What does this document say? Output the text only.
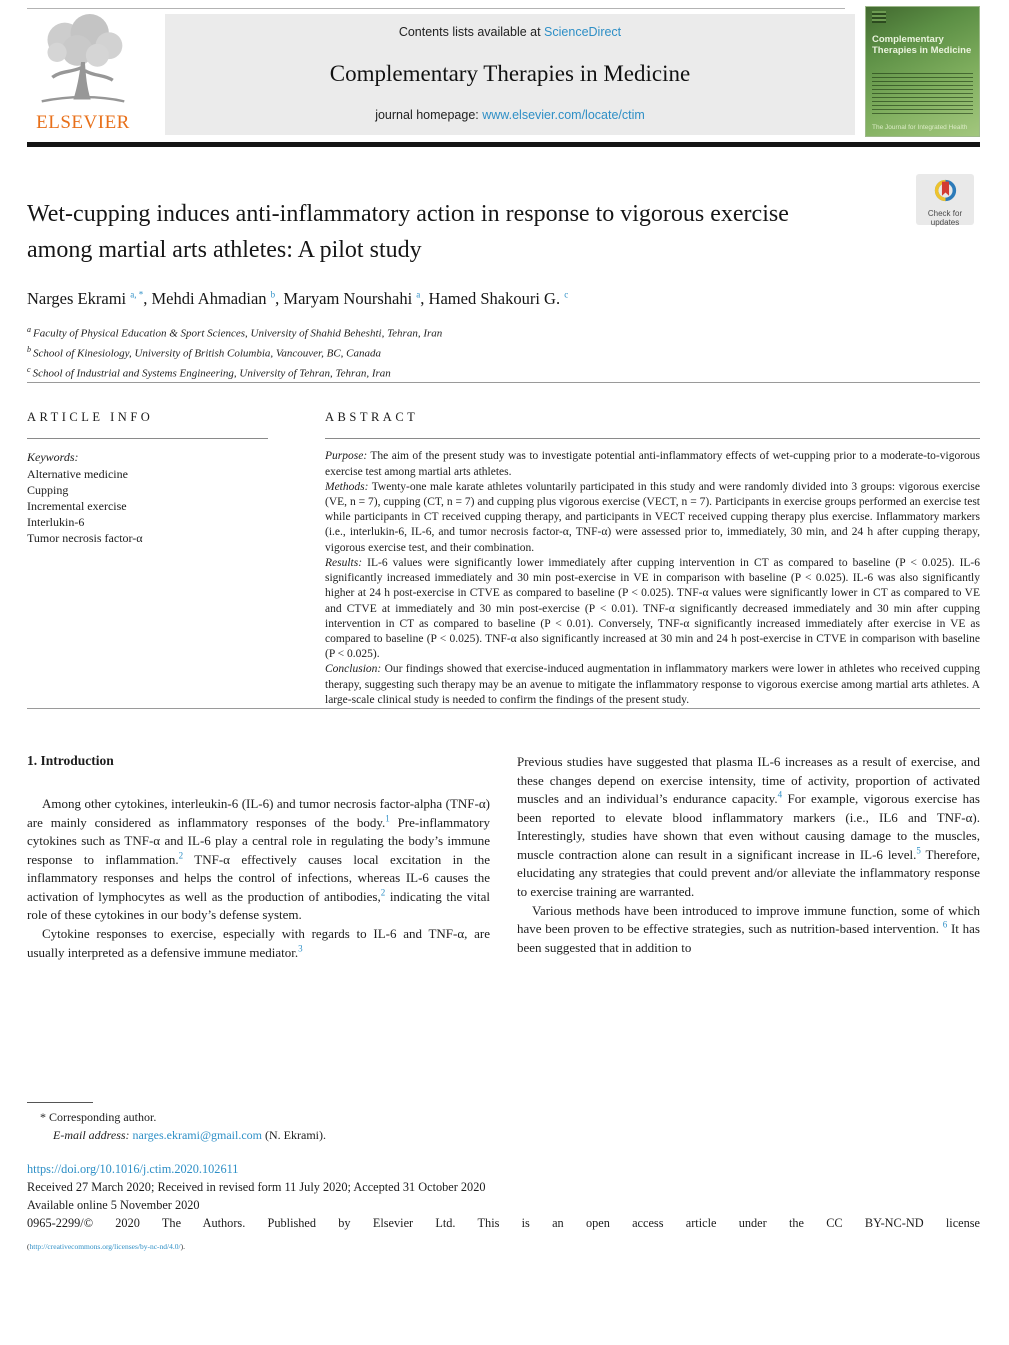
ELSEVIER
Contents lists available at ScienceDirect
Complementary Therapies in Medicine
journal homepage: www.elsevier.com/locate/ctim
Complementary Therapies in Medicine
The Journal for Integrated Health
Wet-cupping induces anti-inflammatory action in response to vigorous exercise among martial arts athletes: A pilot study
Check for
updates
Narges Ekrami $^{a, *}$, Mehdi Ahmadian $^b$, Maryam Nourshahi $^a$, Hamed Shakouri G. $^c$
$^a$ Faculty of Physical Education & Sport Sciences, University of Shahid Beheshti, Tehran, Iran
$^b$ School of Kinesiology, University of British Columbia, Vancouver, BC, Canada
$^c$ School of Industrial and Systems Engineering, University of Tehran, Tehran, Iran
ARTICLE INFO
Keywords:
Alternative medicine
Cupping
Incremental exercise
Interlukin-6
Tumor necrosis factor-α
ABSTRACT
Purpose: The aim of the present study was to investigate potential anti-inflammatory effects of wet-cupping prior to a moderate-to-vigorous exercise test among martial arts athletes.
Methods: Twenty-one male karate athletes voluntarily participated in this study and were randomly divided into 3 groups: vigorous exercise (VE, n = 7), cupping (CT, n = 7) and cupping plus vigorous exercise (VECT, n = 7). Participants in exercise groups performed an exercise test while participants in CT received cupping therapy, and participants in VECT received cupping therapy plus exercise. Inflammatory markers (i.e., interlukin-6, IL-6, and tumor necrosis factor-α, TNF-α) were assessed prior to, immediately, 30 min, and 24 h after cupping therapy, vigorous exercise test, and their combination.
Results: IL-6 values were significantly lower immediately after cupping intervention in CT as compared to baseline (P < 0.025). IL-6 significantly increased immediately and 30 min post-exercise in VE in comparison with baseline (P < 0.025). IL-6 was also significantly higher at 24 h post-exercise in CTVE as compared to baseline (P < 0.025). TNF-α values were significantly lower in CT as compared to VE and CTVE at immediately and 30 min post-exercise (P < 0.01). TNF-α significantly decreased immediately and 30 min after cupping intervention in CT as compared to baseline (P < 0.01). Conversely, TNF-α significantly increased immediately after exercise in VE as compared to baseline (P < 0.025). TNF-α also significantly increased at 30 min and 24 h post-exercise in CTVE in comparison with baseline (P < 0.025).
Conclusion: Our findings showed that exercise-induced augmentation in inflammatory markers were lower in athletes who received cupping therapy, suggesting such therapy may be an avenue to mitigate the inflammatory response to vigorous exercise among martial arts athletes. A large-scale clinical study is needed to confirm the findings of the present study.
1. Introduction

Among other cytokines, interleukin-6 (IL-6) and tumor necrosis factor-alpha (TNF-α) are mainly considered as inflammatory responses of the body.$^1$ Pre-inflammatory cytokines such as TNF-α and IL-6 play a central role in regulating the body’s immune response to inflammation.$^2$ TNF-α effectively causes local excitation in the inflammatory responses and helps the control of infections, whereas IL-6 causes the activation of lymphocytes as well as the production of antibodies,$^2$ indicating the vital role of these cytokines in our body’s defense system.

Cytokine responses to exercise, especially with regards to IL-6 and TNF-α, are usually interpreted as a defensive immune mediator.$^3$

Previous studies have suggested that plasma IL-6 increases as a result of exercise, and these changes depend on exercise intensity, time of activity, proportion of activated muscles and an individual’s endurance capacity.$^4$ For example, vigorous exercise has been reported to elevate blood inflammatory markers (i.e., IL6 and TNF-α). Interestingly, studies have shown that even without causing damage to the muscles, muscle contraction alone can result in a significant increase in IL-6 level.$^5$ Therefore, elucidating any strategies that could prevent and/or alleviate the inflammatory response to exercise training are warranted.

Various methods have been introduced to improve immune function, some of which have been proven to be effective strategies, such as nutrition-based intervention. $^6$ It has been suggested that in addition to

* Corresponding author.
E-mail address: narges.ekrami@gmail.com (N. Ekrami).
https://doi.org/10.1016/j.ctim.2020.102611
Received 27 March 2020; Received in revised form 11 July 2020; Accepted 31 October 2020
Available online 5 November 2020
0965-2299/© 2020 The Authors. Published by Elsevier Ltd. This is an open access article under the CC BY-NC-ND license
(http://creativecommons.org/licenses/by-nc-nd/4.0/).
